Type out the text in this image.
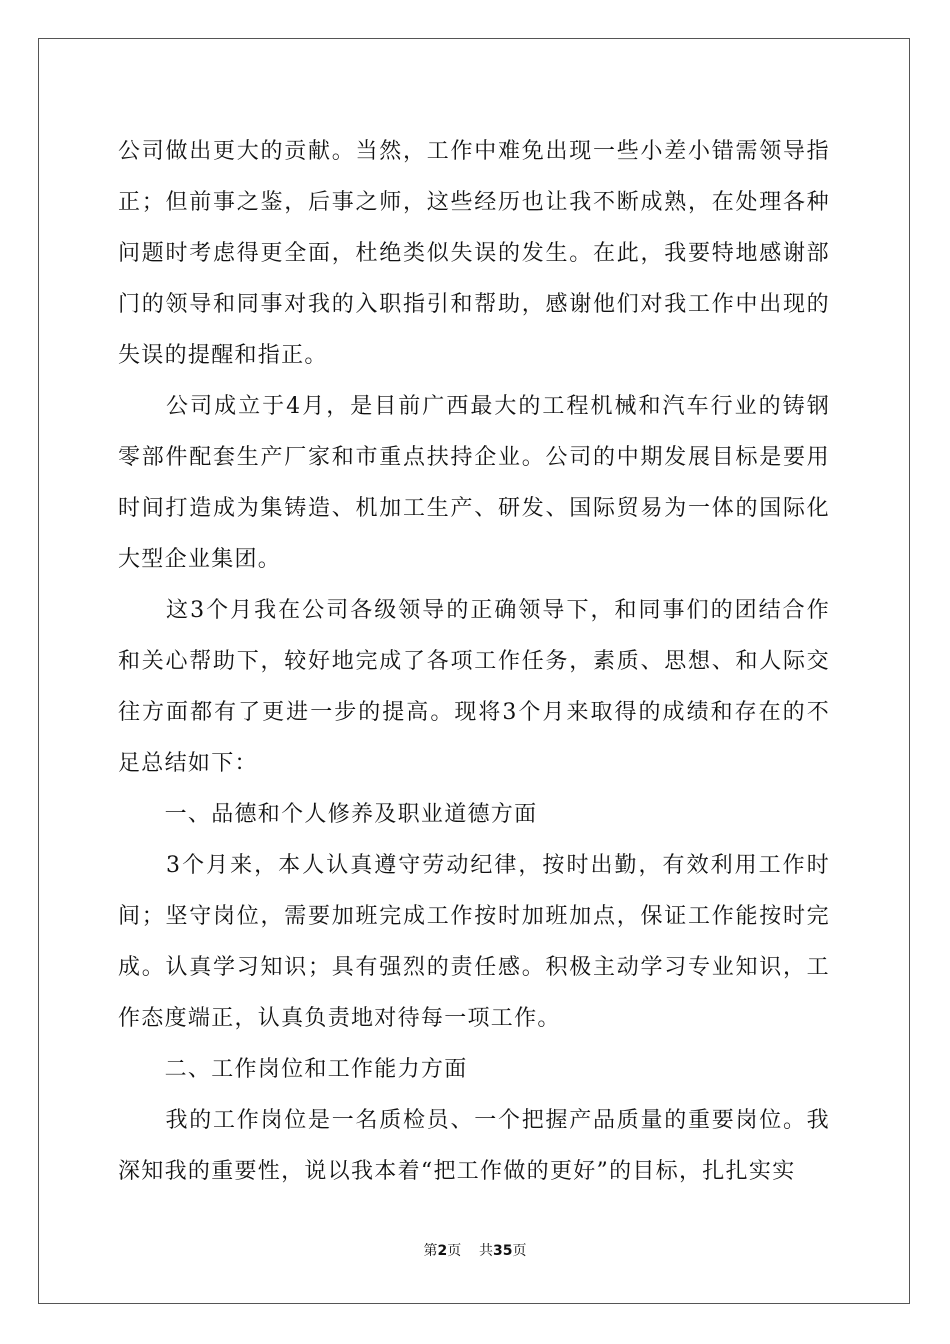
公司做出更大的贡献。当然，工作中难免出现一些小差小错需领导指正；但前事之鉴，后事之师，这些经历也让我不断成熟，在处理各种问题时考虑得更全面，杜绝类似失误的发生。在此，我要特地感谢部门的领导和同事对我的入职指引和帮助，感谢他们对我工作中出现的失误的提醒和指正。

　　公司成立于4月，是目前广西最大的工程机械和汽车行业的铸钢零部件配套生产厂家和市重点扶持企业。公司的中期发展目标是要用时间打造成为集铸造、机加工生产、研发、国际贸易为一体的国际化大型企业集团。

　　这3个月我在公司各级领导的正确领导下，和同事们的团结合作和关心帮助下，较好地完成了各项工作任务，素质、思想、和人际交往方面都有了更进一步的提高。现将3个月来取得的成绩和存在的不足总结如下：

　　一、品德和个人修养及职业道德方面

　　3个月来，本人认真遵守劳动纪律，按时出勤，有效利用工作时间；坚守岗位，需要加班完成工作按时加班加点，保证工作能按时完成。认真学习知识；具有强烈的责任感。积极主动学习专业知识，工作态度端正，认真负责地对待每一项工作。

　　二、工作岗位和工作能力方面

　　我的工作岗位是一名质检员、一个把握产品质量的重要岗位。我深知我的重要性，说以我本着“把工作做的更好”的目标，扎扎实实

第2页 共35页
